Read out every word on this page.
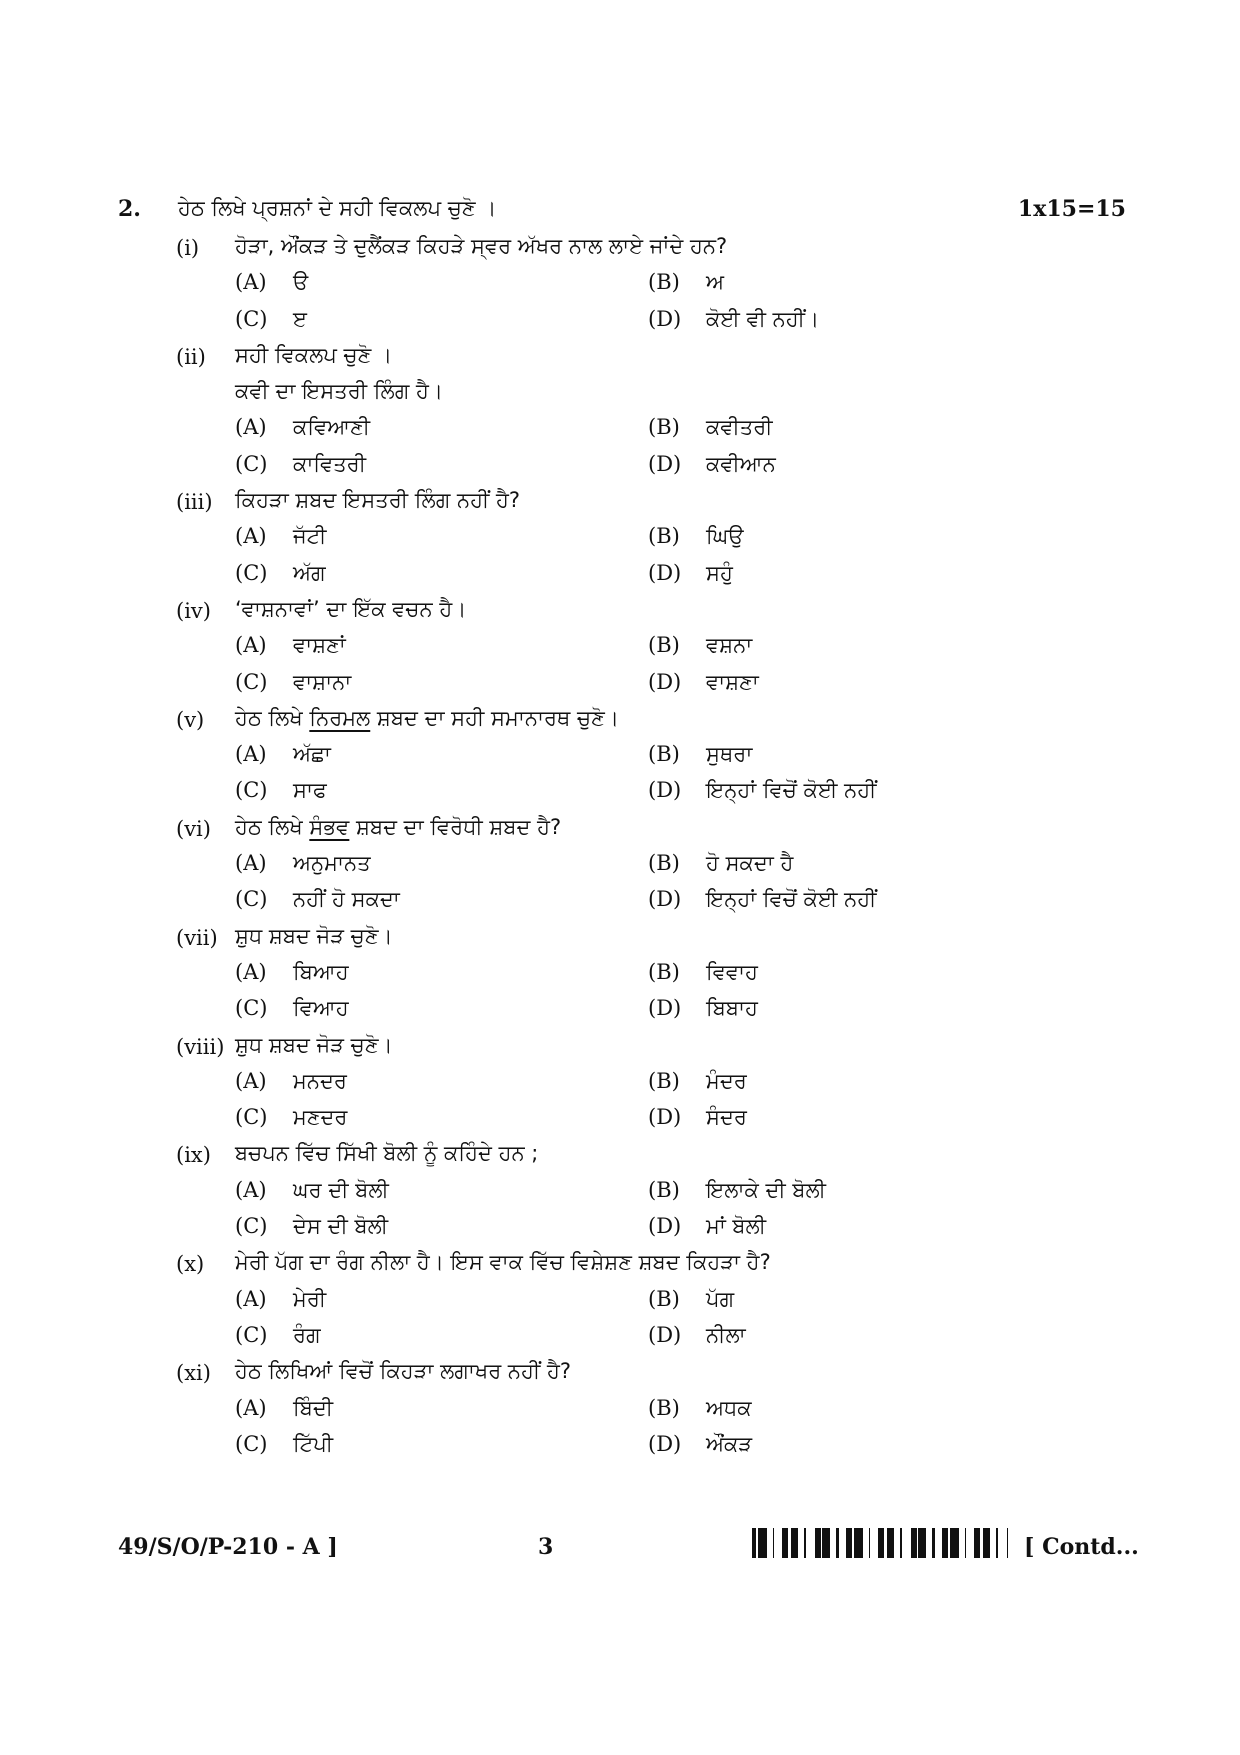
2. ਹੇਠ ਲਿਖੇ ਪ੍ਰਸ਼ਨਾਂ ਦੇ ਸਹੀ ਵਿਕਲਪ ਚੁਣੋ ।	1x15=15
(i) ਹੋੜਾ, ਔਂਕੜ ਤੇ ਦੁਲੈਂਕੜ ਕਿਹੜੇ ਸ੍ਵਰ ਅੱਖਰ ਨਾਲ ਲਾਏ ਜਾਂਦੇ ਹਨ?
(A) ੳ	(B) ਅ
(C) ੲ	(D) ਕੋਈ ਵੀ ਨਹੀਂ।
(ii) ਸਹੀ ਵਿਕਲਪ ਚੁਣੋ ।
ਕਵੀ ਦਾ ਇਸਤਰੀ ਲਿੰਗ ਹੈ।
(A) ਕਵਿਆਣੀ	(B) ਕਵੀਤਰੀ
(C) ਕਾਵਿਤਰੀ	(D) ਕਵੀਆਨ
(iii) ਕਿਹੜਾ ਸ਼ਬਦ ਇਸਤਰੀ ਲਿੰਗ ਨਹੀਂ ਹੈ?
(A) ਜੱਟੀ	(B) ਘਿਉ
(C) ਅੱਗ	(D) ਸਹੁੰ
(iv) ‘ਵਾਸ਼ਨਾਵਾਂ’ ਦਾ ਇੱਕ ਵਚਨ ਹੈ।
(A) ਵਾਸ਼ਣਾਂ	(B) ਵਸ਼ਨਾ
(C) ਵਾਸ਼ਾਨਾ	(D) ਵਾਸ਼ਣਾ
(v) ਹੇਠ ਲਿਖੇ ਨਿਰਮਲ ਸ਼ਬਦ ਦਾ ਸਹੀ ਸਮਾਨਾਰਥ ਚੁਣੋ।
(A) ਅੱਛਾ	(B) ਸੁਥਰਾ
(C) ਸਾਫ	(D) ਇਨ੍ਹਾਂ ਵਿਚੋਂ ਕੋਈ ਨਹੀਂ
(vi) ਹੇਠ ਲਿਖੇ ਸੰਭਵ ਸ਼ਬਦ ਦਾ ਵਿਰੋਧੀ ਸ਼ਬਦ ਹੈ?
(A) ਅਨੁਮਾਨਤ	(B) ਹੋ ਸਕਦਾ ਹੈ
(C) ਨਹੀਂ ਹੋ ਸਕਦਾ	(D) ਇਨ੍ਹਾਂ ਵਿਚੋਂ ਕੋਈ ਨਹੀਂ
(vii) ਸ਼ੁਧ ਸ਼ਬਦ ਜੋੜ ਚੁਣੋ।
(A) ਬਿਆਹ	(B) ਵਿਵਾਹ
(C) ਵਿਆਹ	(D) ਬਿਬਾਹ
(viii) ਸ਼ੁਧ ਸ਼ਬਦ ਜੋੜ ਚੁਣੋ।
(A) ਮਨਦਰ	(B) ਮੰਦਰ
(C) ਮਣਦਰ	(D) ਸੰਦਰ
(ix) ਬਚਪਨ ਵਿੱਚ ਸਿੱਖੀ ਬੋਲੀ ਨੂੰ ਕਹਿੰਦੇ ਹਨ ;
(A) ਘਰ ਦੀ ਬੋਲੀ	(B) ਇਲਾਕੇ ਦੀ ਬੋਲੀ
(C) ਦੇਸ ਦੀ ਬੋਲੀ	(D) ਮਾਂ ਬੋਲੀ
(x) ਮੇਰੀ ਪੱਗ ਦਾ ਰੰਗ ਨੀਲਾ ਹੈ। ਇਸ ਵਾਕ ਵਿੱਚ ਵਿਸ਼ੇਸ਼ਣ ਸ਼ਬਦ ਕਿਹੜਾ ਹੈ?
(A) ਮੇਰੀ	(B) ਪੱਗ
(C) ਰੰਗ	(D) ਨੀਲਾ
(xi) ਹੇਠ ਲਿਖਿਆਂ ਵਿਚੋਂ ਕਿਹੜਾ ਲਗਾਖਰ ਨਹੀਂ ਹੈ?
(A) ਬਿੰਦੀ	(B) ਅਧਕ
(C) ਟਿੱਪੀ	(D) ਔਂਕੜ
49/S/O/P-210 - A ]	3	[ Contd...
